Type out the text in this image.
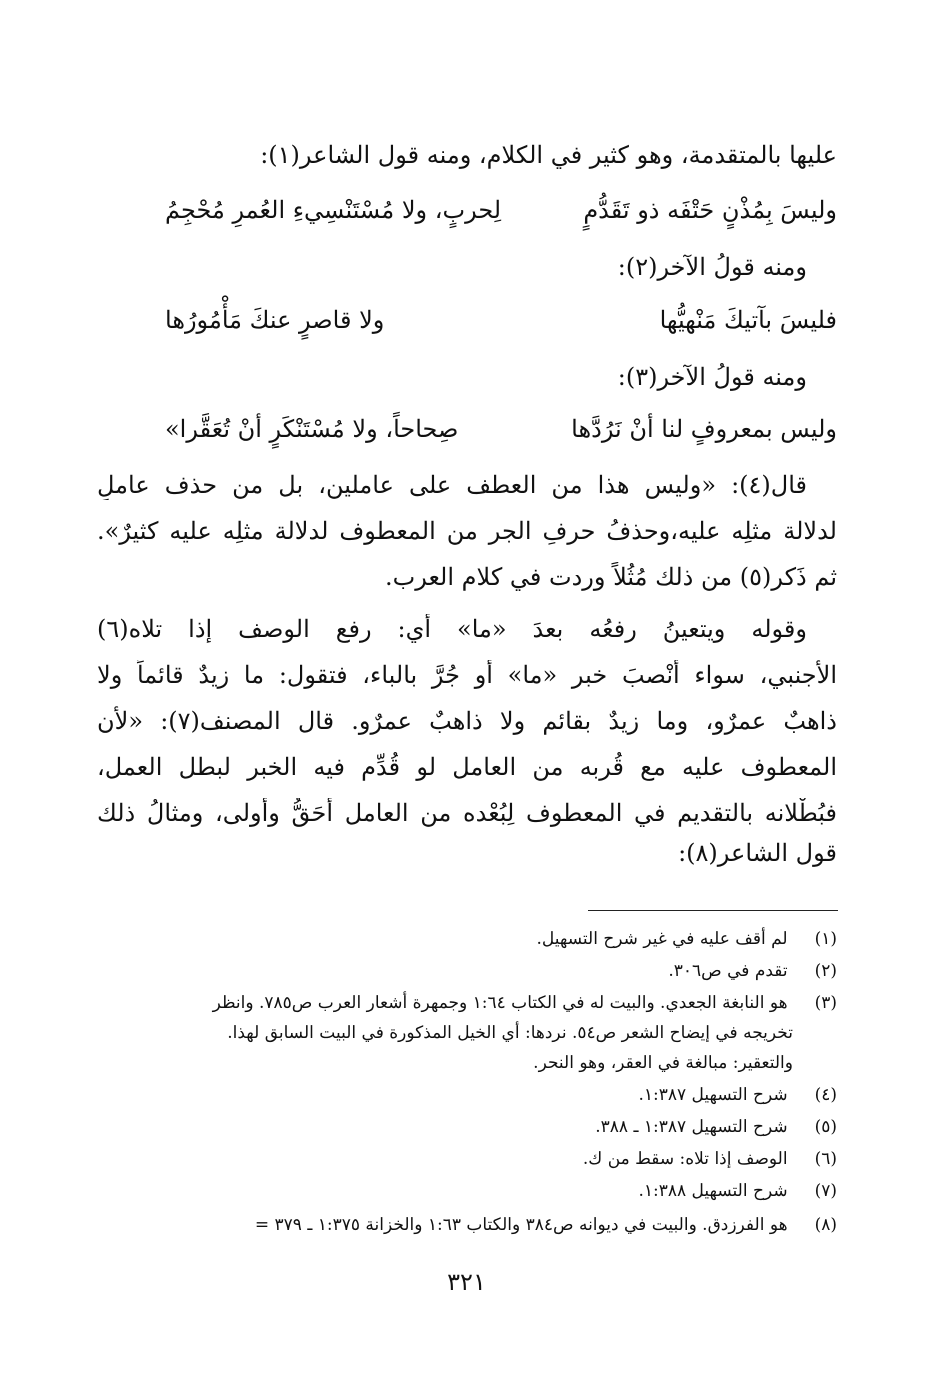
عليها بالمتقدمة، وهو كثير في الكلام، ومنه قول الشاعر(١):
وليسَ بِمُذْنٍ حَتْفَه ذو تَقَدُّمٍ
لِحربٍ، ولا مُسْتَنْسِيءِ العُمرِ مُحْجِمُ
ومنه قولُ الآخر(٢):
فليسَ بآتيكَ مَنْهيُّها
ولا قاصرٍ عنكَ مَأْمُورُها
ومنه قولُ الآخر(٣):
وليس بمعروفٍ لنا أنْ نَرُدَّها
صِحاحاً، ولا مُسْتَنْكَرٍ أنْ تُعَقَّرا»
قال(٤): «وليس هذا من العطف على عاملين، بل من حذف عاملٍ
لدلالة مثلِه عليه،وحذفُ حرفِ الجر من المعطوف لدلالة مثلِه عليه كثيرٌ».
ثم ذَكر(٥) من ذلك مُثُلاً وردت في كلام العرب.
وقوله ويتعينُ رفعُه بعدَ «ما» أي: رفع الوصف إذا تلاه(٦)
الأجنبي، سواء أُنْصبَ خبر «ما» أو جُرَّ بالباء، فتقول: ما زيدٌ قائماً ولا
ذاهبٌ عمرٌو، وما زيدٌ بقائمٍ ولا ذاهبٌ عمرٌو. قال المصنف(٧): «لأن
المعطوف عليه مع قُربه من العامل لو قُدِّم فيه الخبر لبطل العمل،
فبُطْلانه بالتقديم في المعطوف لِبُعْده من العامل أَحَقُّ وأولى، ومثالُ ذلك
قول الشاعر(٨):
(١) لم أقف عليه في غير شرح التسهيل.
(٢) تقدم في ص٣٠٦.
(٣) هو النابغة الجعدي. والبيت له في الكتاب ١:٦٤ وجمهرة أشعار العرب ص٧٨٥. وانظر
تخريجه في إيضاح الشعر ص٥٤. نردها: أي الخيل المذكورة في البيت السابق لهذا.
والتعقير: مبالغة في العقر، وهو النحر.
(٤) شرح التسهيل ١:٣٨٧.
(٥) شرح التسهيل ١:٣٨٧ ـ ٣٨٨.
(٦) الوصف إذا تلاه: سقط من ك.
(٧) شرح التسهيل ١:٣٨٨.
(٨) هو الفرزدق. والبيت في ديوانه ص٣٨٤ والكتاب ١:٦٣ والخزانة ١:٣٧٥ ـ ٣٧٩ =
٣٢١
